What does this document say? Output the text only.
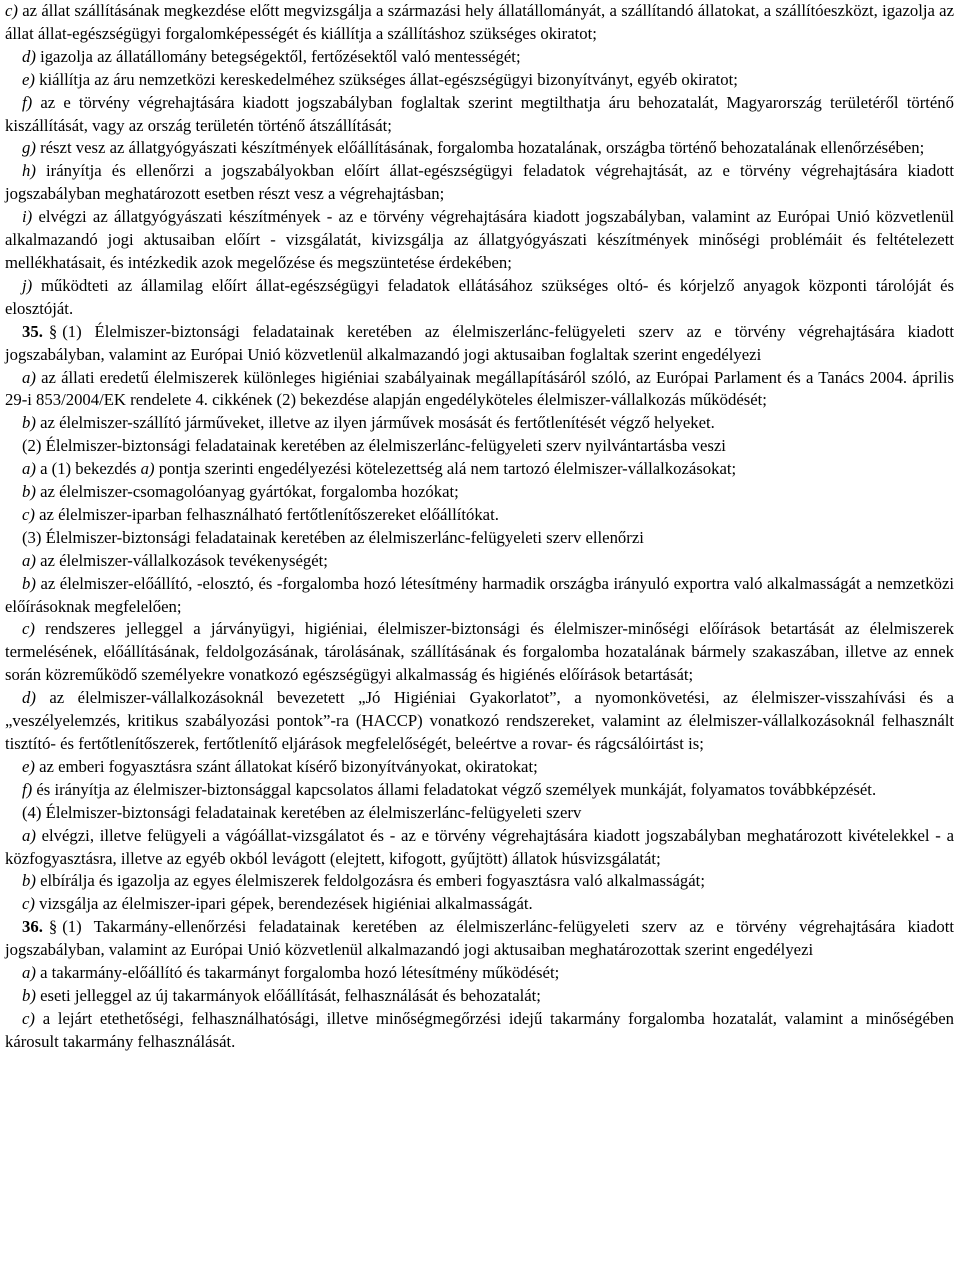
c) az állat szállításának megkezdése előtt megvizsgálja a származási hely állatállományát, a szállítandó állatokat, a szállítóeszközt, igazolja az állat állat-egészségügyi forgalomképességét és kiállítja a szállításhoz szükséges okiratot;

d) igazolja az állatállomány betegségektől, fertőzésektől való mentességét;

e) kiállítja az áru nemzetközi kereskedelméhez szükséges állat-egészségügyi bizonyítványt, egyéb okiratot;

f) az e törvény végrehajtására kiadott jogszabályban foglaltak szerint megtilthatja áru behozatalát, Magyarország területéről történő kiszállítását, vagy az ország területén történő átszállítását;

g) részt vesz az állatgyógyászati készítmények előállításának, forgalomba hozatalának, országba történő behozatalának ellenőrzésében;

h) irányítja és ellenőrzi a jogszabályokban előírt állat-egészségügyi feladatok végrehajtását, az e törvény végrehajtására kiadott jogszabályban meghatározott esetben részt vesz a végrehajtásban;

i) elvégzi az állatgyógyászati készítmények - az e törvény végrehajtására kiadott jogszabályban, valamint az Európai Unió közvetlenül alkalmazandó jogi aktusaiban előírt - vizsgálatát, kivizsgálja az állatgyógyászati készítmények minőségi problémáit és feltételezett mellékhatásait, és intézkedik azok megelőzése és megszüntetése érdekében;

j) működteti az államilag előírt állat-egészségügyi feladatok ellátásához szükséges oltó- és kórjelző anyagok központi tárolóját és elosztóját.

35. § (1) Élelmiszer-biztonsági feladatainak keretében az élelmiszerlánc-felügyeleti szerv az e törvény végrehajtására kiadott jogszabályban, valamint az Európai Unió közvetlenül alkalmazandó jogi aktusaiban foglaltak szerint engedélyezi

a) az állati eredetű élelmiszerek különleges higiéniai szabályainak megállapításáról szóló, az Európai Parlament és a Tanács 2004. április 29-i 853/2004/EK rendelete 4. cikkének (2) bekezdése alapján engedélyköteles élelmiszer-vállalkozás működését;

b) az élelmiszer-szállító járműveket, illetve az ilyen járművek mosását és fertőtlenítését végző helyeket.

(2) Élelmiszer-biztonsági feladatainak keretében az élelmiszerlánc-felügyeleti szerv nyilvántartásba veszi

a) a (1) bekezdés a) pontja szerinti engedélyezési kötelezettség alá nem tartozó élelmiszer-vállalkozásokat;

b) az élelmiszer-csomagolóanyag gyártókat, forgalomba hozókat;

c) az élelmiszer-iparban felhasználható fertőtlenítőszereket előállítókat.

(3) Élelmiszer-biztonsági feladatainak keretében az élelmiszerlánc-felügyeleti szerv ellenőrzi

a) az élelmiszer-vállalkozások tevékenységét;

b) az élelmiszer-előállító, -elosztó, és -forgalomba hozó létesítmény harmadik országba irányuló exportra való alkalmasságát a nemzetközi előírásoknak megfelelően;

c) rendszeres jelleggel a járványügyi, higiéniai, élelmiszer-biztonsági és élelmiszer-minőségi előírások betartását az élelmiszerek termelésének, előállításának, feldolgozásának, tárolásának, szállításának és forgalomba hozatalának bármely szakaszában, illetve az ennek során közreműködő személyekre vonatkozó egészségügyi alkalmasság és higiénés előírások betartását;

d) az élelmiszer-vállalkozásoknál bevezetett „Jó Higiéniai Gyakorlatot”, a nyomonkövetési, az élelmiszer-visszahívási és a „veszélyelemzés, kritikus szabályozási pontok”-ra (HACCP) vonatkozó rendszereket, valamint az élelmiszer-vállalkozásoknál felhasznált tisztító- és fertőtlenítőszerek, fertőtlenítő eljárások megfelelőségét, beleértve a rovar- és rágcsálóirtást is;

e) az emberi fogyasztásra szánt állatokat kísérő bizonyítványokat, okiratokat;

f) és irányítja az élelmiszer-biztonsággal kapcsolatos állami feladatokat végző személyek munkáját, folyamatos továbbképzését.

(4) Élelmiszer-biztonsági feladatainak keretében az élelmiszerlánc-felügyeleti szerv

a) elvégzi, illetve felügyeli a vágóállat-vizsgálatot és - az e törvény végrehajtására kiadott jogszabályban meghatározott kivételekkel - a közfogyasztásra, illetve az egyéb okból levágott (elejtett, kifogott, gyűjtött) állatok húsvizsgálatát;

b) elbírálja és igazolja az egyes élelmiszerek feldolgozásra és emberi fogyasztásra való alkalmasságát;

c) vizsgálja az élelmiszer-ipari gépek, berendezések higiéniai alkalmasságát.

36. § (1) Takarmány-ellenőrzési feladatainak keretében az élelmiszerlánc-felügyeleti szerv az e törvény végrehajtására kiadott jogszabályban, valamint az Európai Unió közvetlenül alkalmazandó jogi aktusaiban meghatározottak szerint engedélyezi

a) a takarmány-előállító és takarmányt forgalomba hozó létesítmény működését;

b) eseti jelleggel az új takarmányok előállítását, felhasználását és behozatalát;

c) a lejárt etethetőségi, felhasználhatósági, illetve minőségmegőrzési idejű takarmány forgalomba hozatalát, valamint a minőségében károsult takarmány felhasználását.
